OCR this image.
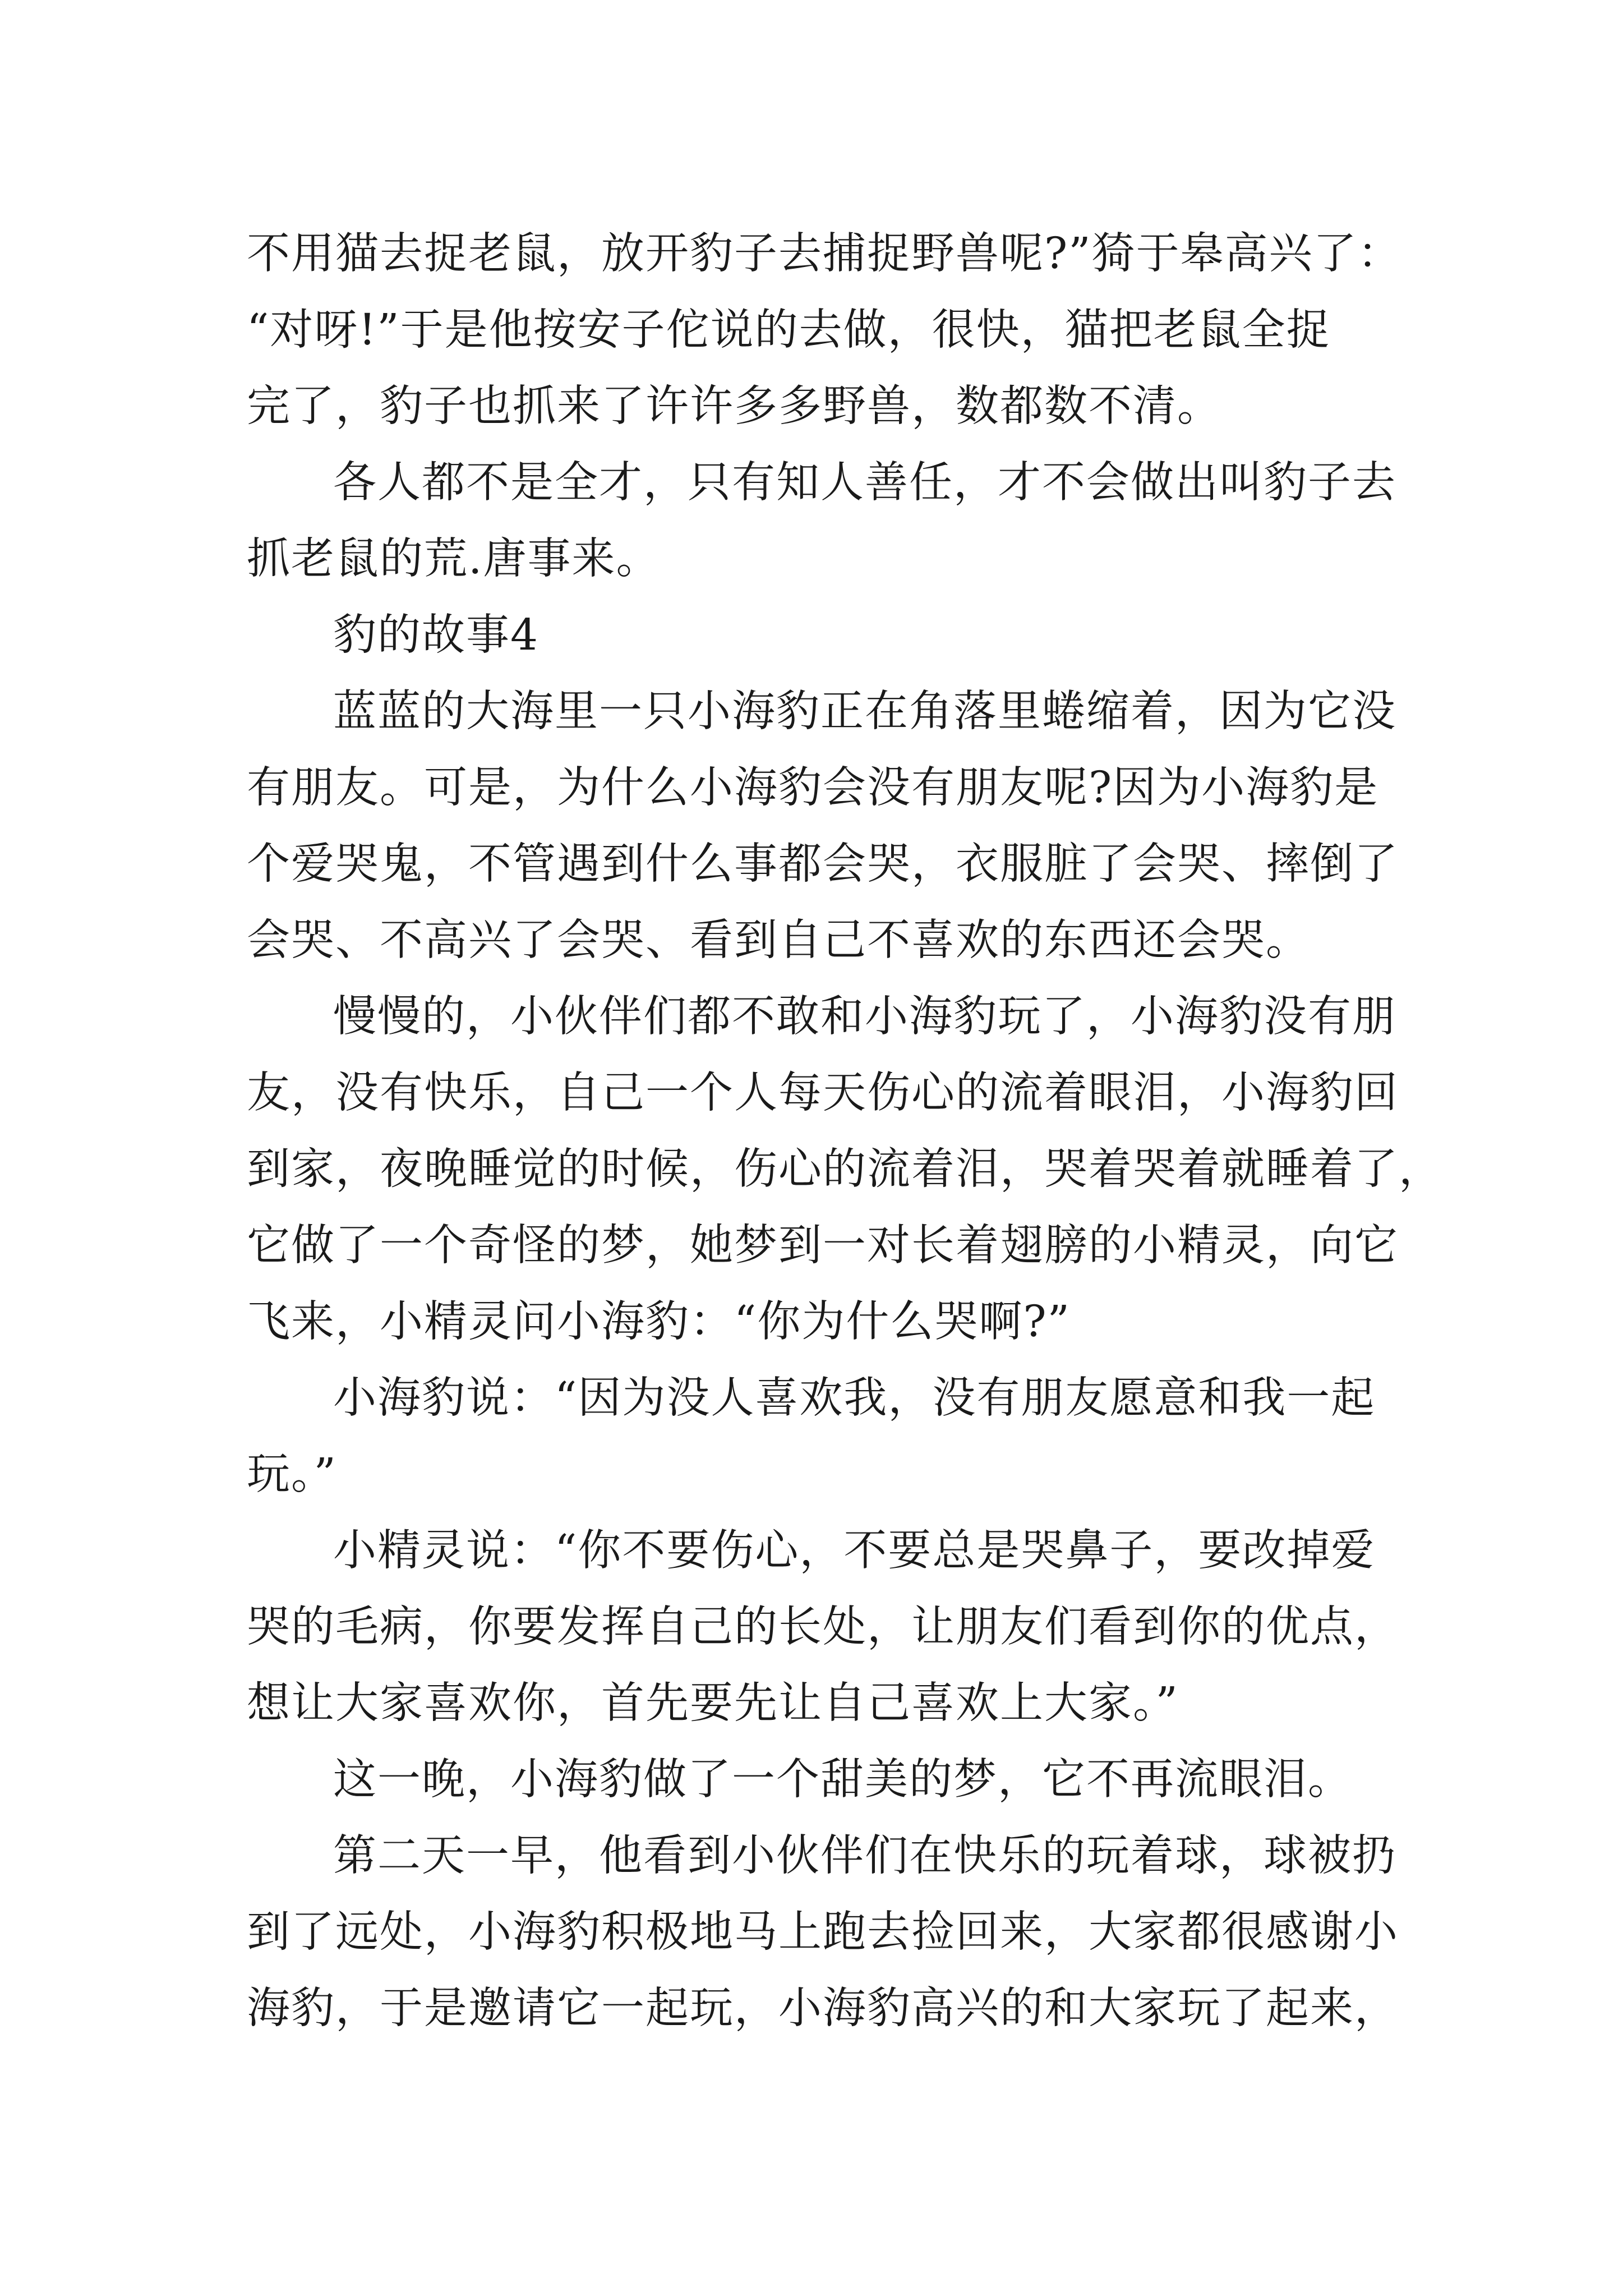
不用猫去捉老鼠，放开豹子去捕捉野兽呢?”猗于皋高兴了：
“对呀!”于是他按安子佗说的去做，很快，猫把老鼠全捉
完了，豹子也抓来了许许多多野兽，数都数不清。
各人都不是全才，只有知人善任，才不会做出叫豹子去
抓老鼠的荒.唐事来。
豹的故事4
蓝蓝的大海里一只小海豹正在角落里蜷缩着，因为它没
有朋友。可是，为什么小海豹会没有朋友呢?因为小海豹是
个爱哭鬼，不管遇到什么事都会哭，衣服脏了会哭、摔倒了
会哭、不高兴了会哭、看到自己不喜欢的东西还会哭。
慢慢的，小伙伴们都不敢和小海豹玩了，小海豹没有朋
友，没有快乐，自己一个人每天伤心的流着眼泪，小海豹回
到家，夜晚睡觉的时候，伤心的流着泪，哭着哭着就睡着了，
它做了一个奇怪的梦，她梦到一对长着翅膀的小精灵，向它
飞来，小精灵问小海豹：“你为什么哭啊?”
小海豹说：“因为没人喜欢我，没有朋友愿意和我一起
玩。”
小精灵说：“你不要伤心，不要总是哭鼻子，要改掉爱
哭的毛病，你要发挥自己的长处，让朋友们看到你的优点，
想让大家喜欢你，首先要先让自己喜欢上大家。”
这一晚，小海豹做了一个甜美的梦，它不再流眼泪。
第二天一早，他看到小伙伴们在快乐的玩着球，球被扔
到了远处，小海豹积极地马上跑去捡回来，大家都很感谢小
海豹，于是邀请它一起玩，小海豹高兴的和大家玩了起来，
